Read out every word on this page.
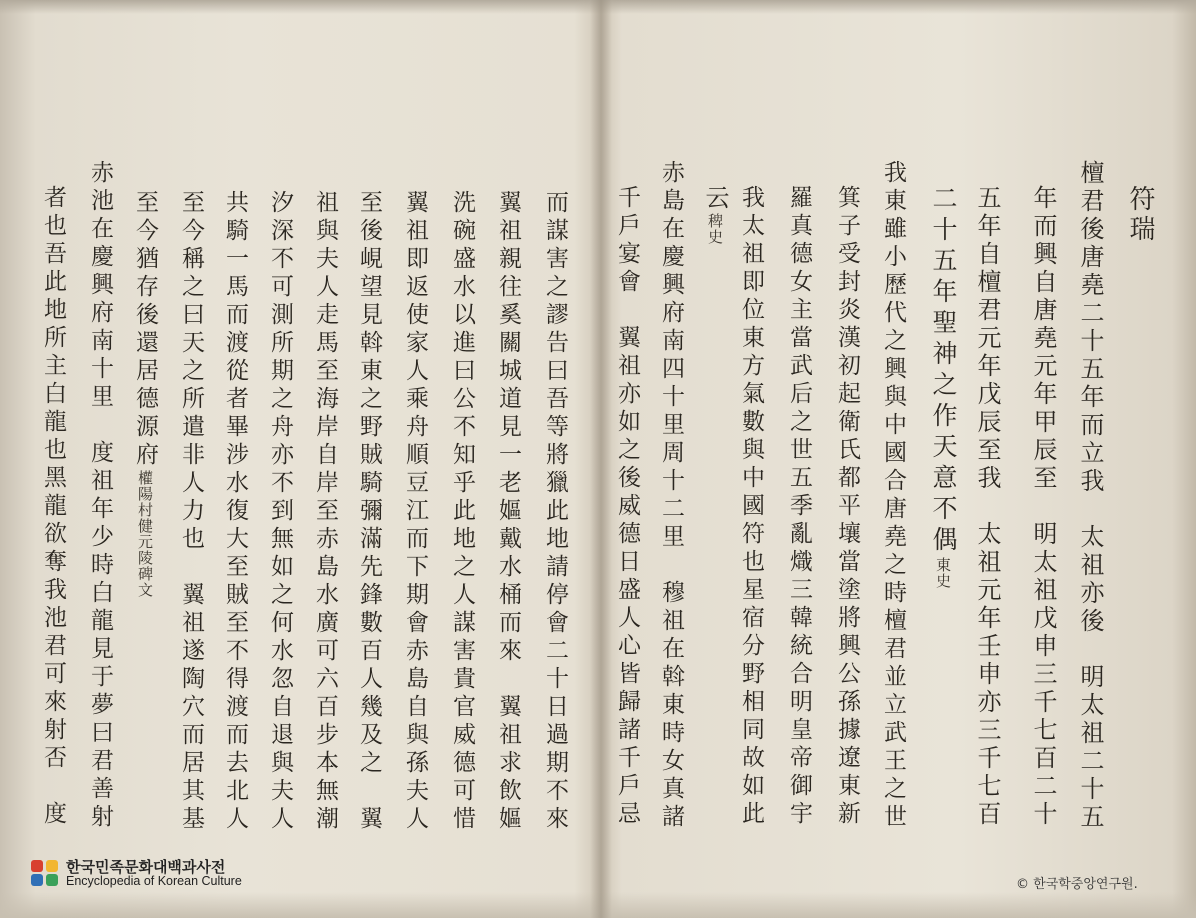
符瑞
檀君後唐堯二十五年而立我　太祖亦後　明太祖二十五
年而興自唐堯元年甲辰至　明太祖戊申三千七百二十
五年自檀君元年戊辰至我　太祖元年壬申亦三千七百
二十五年聖神之作天意不偶東史
我東雖小歷代之興與中國合唐堯之時檀君並立武王之世
箕子受封炎漢初起衛氏都平壤當塗將興公孫據遼東新
羅真德女主當武后之世五季亂熾三韓統合明皇帝御宇
我太祖即位東方氣數與中國符也星宿分野相同故如此
云稗史
赤島在慶興府南四十里周十二里　穆祖在斡東時女真諸
千戶宴會　翼祖亦如之後威德日盛人心皆歸諸千戶忌
而謀害之謬告曰吾等將獵此地請停會二十日過期不來
翼祖親往奚關城道見一老嫗戴水桶而來　翼祖求飲嫗
洗碗盛水以進曰公不知乎此地之人謀害貴官威德可惜
翼祖即返使家人乘舟順豆江而下期會赤島自與孫夫人
至後峴望見斡東之野賊騎彌滿先鋒數百人幾及之　翼
祖與夫人走馬至海岸自岸至赤島水廣可六百步本無潮
汐深不可測所期之舟亦不到無如之何水忽自退與夫人
共騎一馬而渡從者畢涉水復大至賊至不得渡而去北人
至今稱之曰天之所遣非人力也　翼祖遂陶穴而居其基
至今猶存後還居德源府權陽村健元陵碑文
赤池在慶興府南十里　度祖年少時白龍見于夢曰君善射
者也吾此地所主白龍也黑龍欲奪我池君可來射否　度
한국민족문화대백과사전
Encyclopedia of Korean Culture	© 한국학중앙연구원.
